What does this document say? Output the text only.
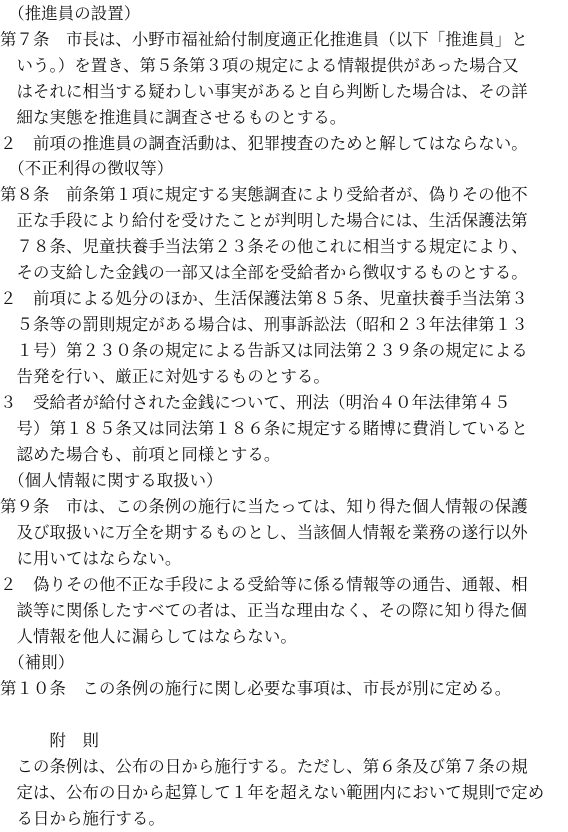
　（推進員の設置）
第７条　市長は、小野市福祉給付制度適正化推進員（以下「推進員」と
　いう。）を置き、第５条第３項の規定による情報提供があった場合又
　はそれに相当する疑わしい事実があると自ら判断した場合は、その詳
　細な実態を推進員に調査させるものとする。
２　前項の推進員の調査活動は、犯罪捜査のためと解してはならない。
　（不正利得の徴収等）
第８条　前条第１項に規定する実態調査により受給者が、偽りその他不
　正な手段により給付を受けたことが判明した場合には、生活保護法第
　７８条、児童扶養手当法第２３条その他これに相当する規定により、
　その支給した金銭の一部又は全部を受給者から徴収するものとする。
２　前項による処分のほか、生活保護法第８５条、児童扶養手当法第３
　５条等の罰則規定がある場合は、刑事訴訟法（昭和２３年法律第１３
　１号）第２３０条の規定による告訴又は同法第２３９条の規定による
　告発を行い、厳正に対処するものとする。
３　受給者が給付された金銭について、刑法（明治４０年法律第４５
　号）第１８５条又は同法第１８６条に規定する賭博に費消していると
　認めた場合も、前項と同様とする。
　（個人情報に関する取扱い）
第９条　市は、この条例の施行に当たっては、知り得た個人情報の保護
　及び取扱いに万全を期するものとし、当該個人情報を業務の遂行以外
　に用いてはならない。
２　偽りその他不正な手段による受給等に係る情報等の通告、通報、相
　談等に関係したすべての者は、正当な理由なく、その際に知り得た個
　人情報を他人に漏らしてはならない。
　（補則）
第１０条　この条例の施行に関し必要な事項は、市長が別に定める。
　　　附　則
　この条例は、公布の日から施行する。ただし、第６条及び第７条の規
　定は、公布の日から起算して１年を超えない範囲内において規則で定め
　る日から施行する。
